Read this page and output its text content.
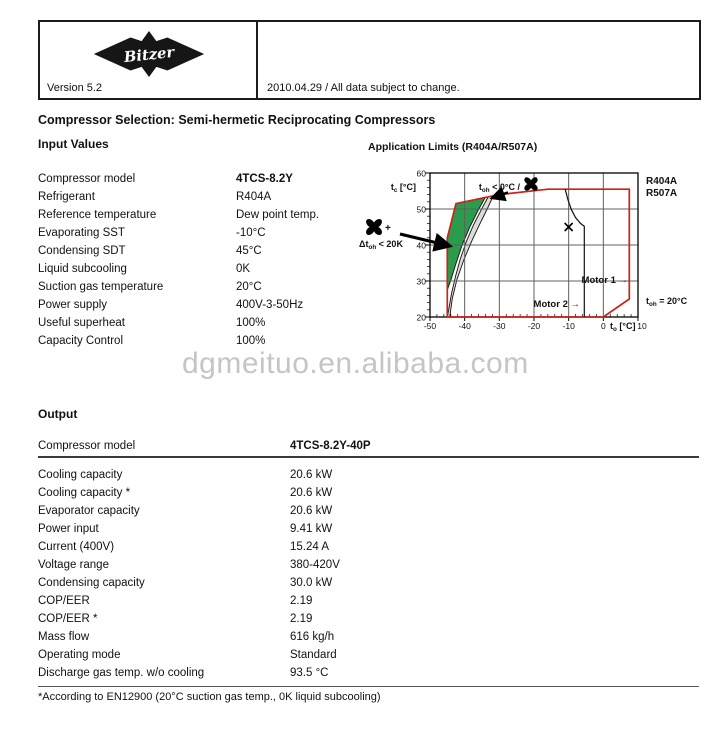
Bitzer
Version 5.2	2010.04.29 / All data subject to change.
Compressor Selection: Semi-hermetic Reciprocating Compressors
Input Values	Application Limits (R404A/R507A)
Compressor model	4TCS-8.2Y
Refrigerant	R404A
Reference temperature	Dew point temp.
Evaporating SST	-10°C
Condensing SDT	45°C
Liquid subcooling	0K
Suction gas temperature	20°C
Power supply	400V-3-50Hz
Useful superheat	100%
Capacity Control	100%
-50	-40	-30	-20	-10	0	10
20
30
40
50
60
$t_o$ [°C]
$t_c$ [°C]	$t_{oh} < 0^\circ C$ /
+
$\Delta t_{oh} < 20K$
Motor 1 →
Motor 2 →	$t_{oh} = 20^\circ C$
R404A
R507A
dgmeituo.en.alibaba.com
Output
Compressor model	4TCS-8.2Y-40P
Cooling capacity	20.6 kW
Cooling capacity *	20.6 kW
Evaporator capacity	20.6 kW
Power input	9.41 kW
Current (400V)	15.24 A
Voltage range	380-420V
Condensing capacity	30.0 kW
COP/EER	2.19
COP/EER *	2.19
Mass flow	616 kg/h
Operating mode	Standard
Discharge gas temp. w/o cooling	93.5 °C
*According to EN12900 (20°C suction gas temp., 0K liquid subcooling)
